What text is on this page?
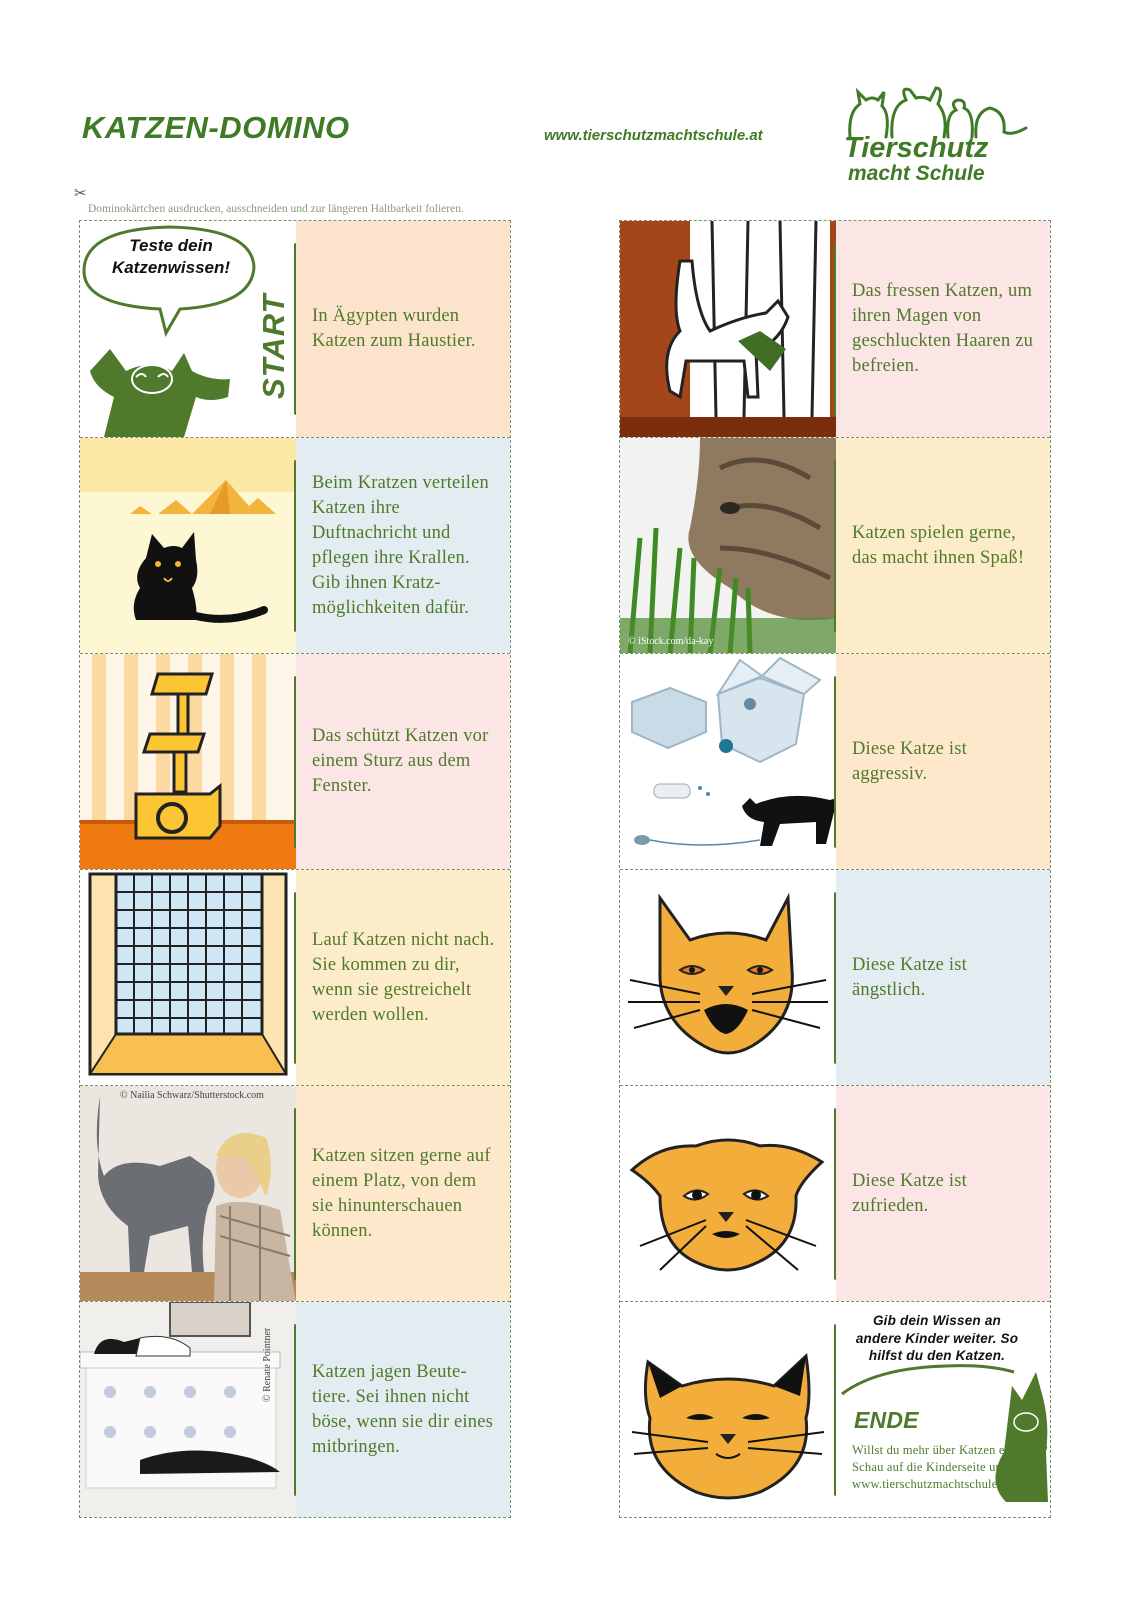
KATZEN-DOMINO	www.tierschutzmachtschule.at	Tierschutz
macht Schule
✂
Dominokärtchen ausdrucken, ausschneiden und zur längeren Haltbarkeit folieren.
Teste dein Katzenwissen!
START	In Ägypten wurden Katzen zum Haustier.
Beim Kratzen verteilen Katzen ihre Duftnachricht und pflegen ihre Krallen. Gib ihnen Kratzmöglichkeiten dafür.
Das schützt Katzen vor einem Sturz aus dem Fenster.
Lauf Katzen nicht nach. Sie kommen zu dir, wenn sie gestreichelt werden wollen.
© Nailia Schwarz/Shutterstock.com
Katzen sitzen gerne auf einem Platz, von dem sie hinunterschauen können.
© Renate Pointner	Katzen jagen Beutetiere. Sei ihnen nicht böse, wenn sie dir eines mitbringen.
Das fressen Katzen, um ihren Magen von geschluckten Haaren zu befreien.
© iStock.com/da-kay
Katzen spielen gerne, das macht ihnen Spaß!
Diese Katze ist aggressiv.
Diese Katze ist ängstlich.
Diese Katze ist zufrieden.
Gib dein Wissen an andere Kinder weiter. So hilfst du den Katzen.
ENDE
Willst du mehr über Katzen erfahren? Schau auf die Kinderseite unter: www.tierschutzmachtschule.at
